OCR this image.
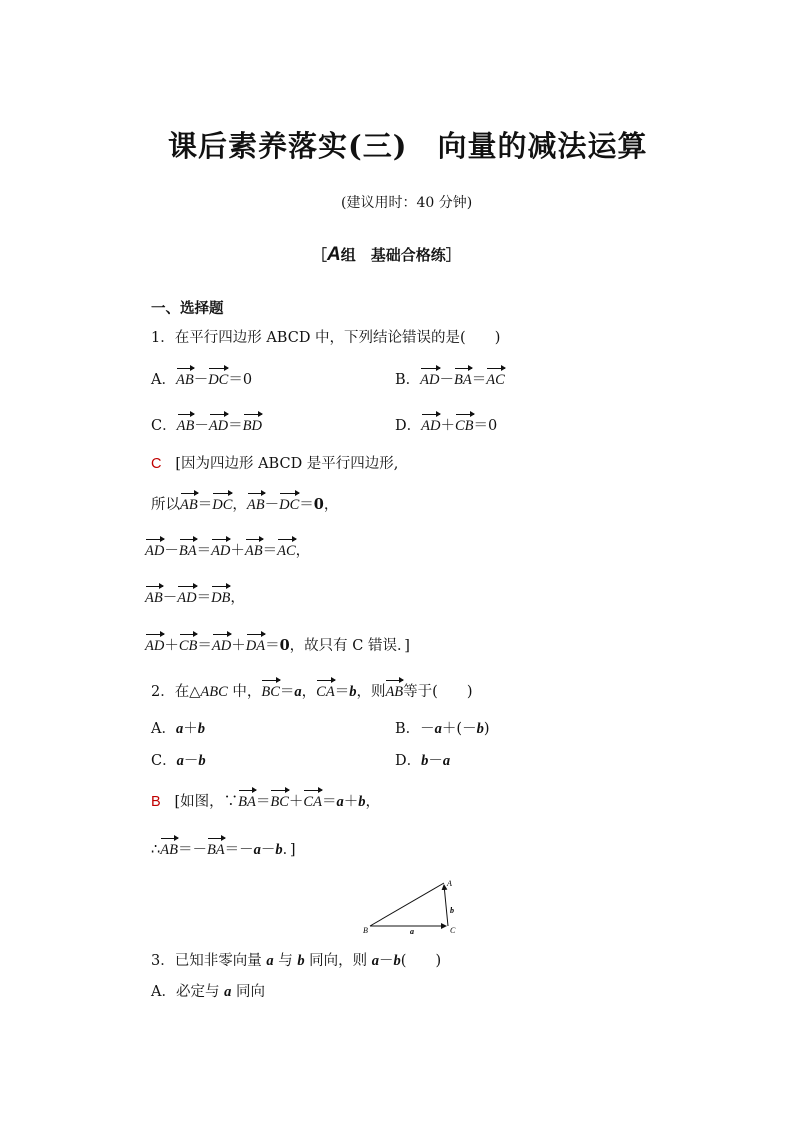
课后素养落实(三)　向量的减法运算
(建议用时：40 分钟)
［A组　基础合格练］
一、选择题
1．在平行四边形 ABCD 中，下列结论错误的是(　　)
A．AB－DC＝0	B．AD－BA＝AC
C．AB－AD＝BD	D．AD＋CB＝0
C [因为四边形 ABCD 是平行四边形,
所以AB＝DC，AB－DC＝0，
AD－BA＝AD＋AB＝AC，
AB－AD＝DB，
AD＋CB＝AD＋DA＝0，故只有 C 错误．]
2．在△ABC 中，BC＝a，CA＝b，则AB等于(　　)
A．a＋b	B．－a＋(－b)
C．a－b	D．b－a
B [如图，∵BA＝BC＋CA＝a＋b，
∴AB＝－BA＝－a－b．]
A
B	C
a
b
3．已知非零向量 a 与 b 同向，则 a－b(　　)
A．必定与 a 同向
